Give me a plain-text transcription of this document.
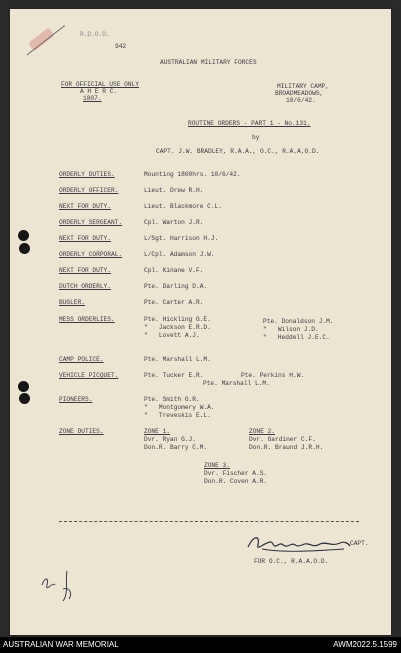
R.D.O.D.
942
AUSTRALIAN MILITARY FORCES
FOR OFFICIAL USE ONLY
A H E R C.
1807.
MILITARY CAMP,
BROADMEADOWS,
10/6/42.
ROUTINE ORDERS - PART 1 - No.131.
by
CAPT. J.W. BRADLEY, R.A.A., O.C., R.A.A.O.D.
ORDERLY DUTIES.	Mounting 1800hrs. 10/6/42.
ORDERLY OFFICER.	Lieut. Drew R.H.
NEXT FOR DUTY.	Lieut. Blackmore C.L.
ORDERLY SERGEANT.	Cpl. Warton J.R.
NEXT FOR DUTY.	L/Sgt. Harrison H.J.
ORDERLY CORPORAL.	L/Cpl. Adamson J.W.
NEXT FOR DUTY.	Cpl. Kinane V.F.
DUTCH ORDERLY.	Pte. Darling D.A.
BUGLER.	Pte. Carter A.R.
MESS ORDERLIES.	Pte. Hickling G.E.
"   Jackson E.R.D.
"   Lovett A.J.
Pte. Donaldson J.M.
"   Wilson J.D.
"   Heddell J.E.C.
CAMP POLICE.	Pte. Marshall L.M.
VEHICLE PICQUET.	Pte. Tucker E.R.	Pte. Perkins H.W.
Pte. Marshall L.M.
PIONEERS.	Pte. Smith G.R.
"   Montgomery W.A.
"   Treveskis E.L.
ZONE DUTIES.	ZONE 1.
Dvr. Ryan G.J.
Don.R. Barry C.M.
ZONE 2.
Dvr. Gardiner C.F.
Don.R. Braund J.R.H.
ZONE 3.
Dvr. Fischer A.S.
Don.R. Coven A.R.
CAPT.
FOR O.C., R.A.A.O.D.
AUSTRALIAN WAR MEMORIAL	AWM2022.5.1599
